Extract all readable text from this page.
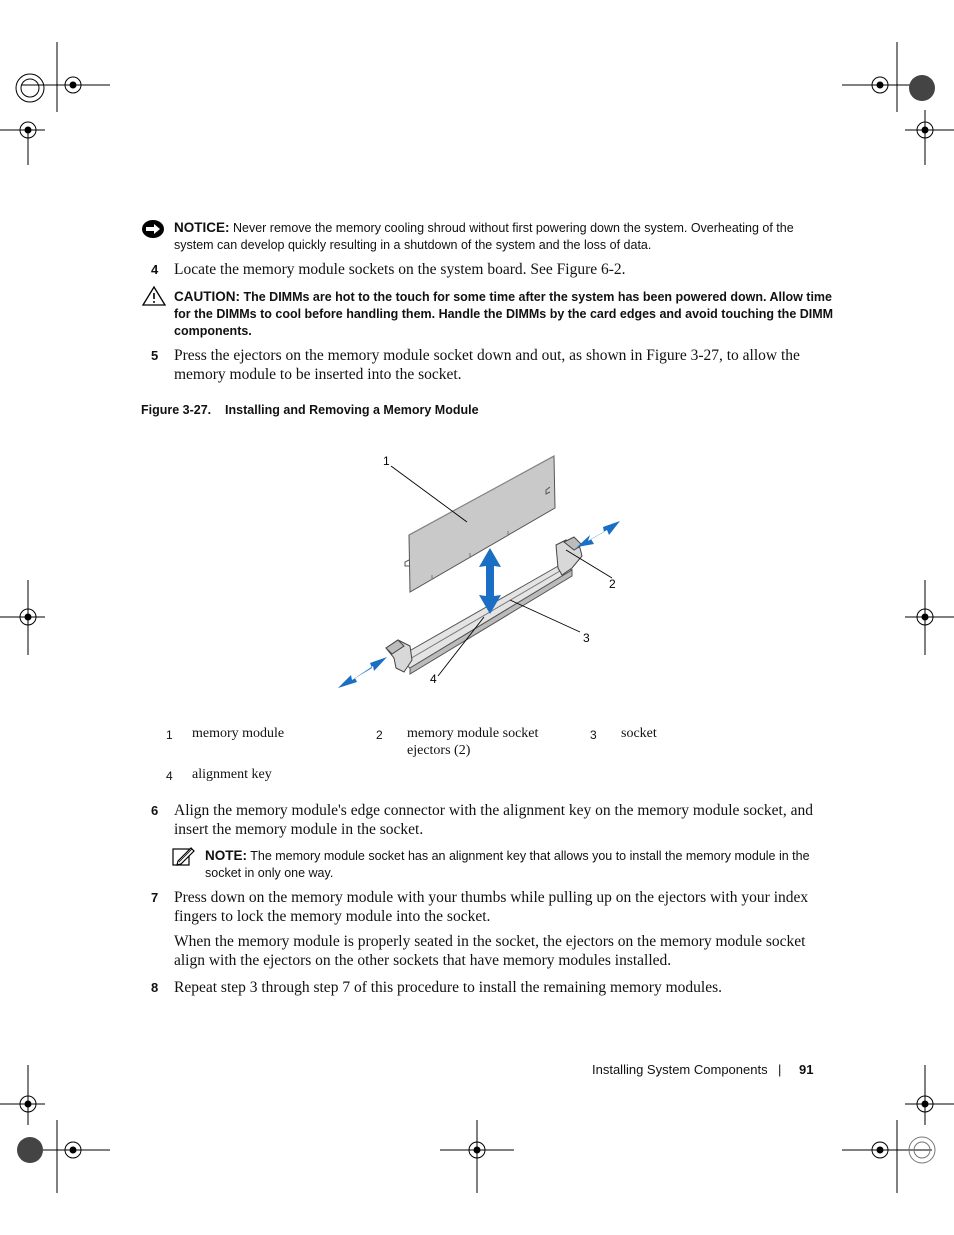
NOTICE: Never remove the memory cooling shroud without first powering down the system. Overheating of the
system can develop quickly resulting in a shutdown of the system and the loss of data.
4 Locate the memory module sockets on the system board. See Figure 6-2.
CAUTION: The DIMMs are hot to the touch for some time after the system has been powered down. Allow time
for the DIMMs to cool before handling them. Handle the DIMMs by the card edges and avoid touching the DIMM
components.
5 Press the ejectors on the memory module socket down and out, as shown in Figure 3-27, to allow the
memory module to be inserted into the socket.
Figure 3-27.    Installing and Removing a Memory Module
1
2
3
4
1 memory module	2 memory module socket
ejectors (2)
3 socket
4 alignment key
6 Align the memory module's edge connector with the alignment key on the memory module socket, and
insert the memory module in the socket.
NOTE: The memory module socket has an alignment key that allows you to install the memory module in the
socket in only one way.
7 Press down on the memory module with your thumbs while pulling up on the ejectors with your index
fingers to lock the memory module into the socket.
When the memory module is properly seated in the socket, the ejectors on the memory module socket
align with the ejectors on the other sockets that have memory modules installed.
8 Repeat step 3 through step 7 of this procedure to install the remaining memory modules.
Installing System Components | 91
